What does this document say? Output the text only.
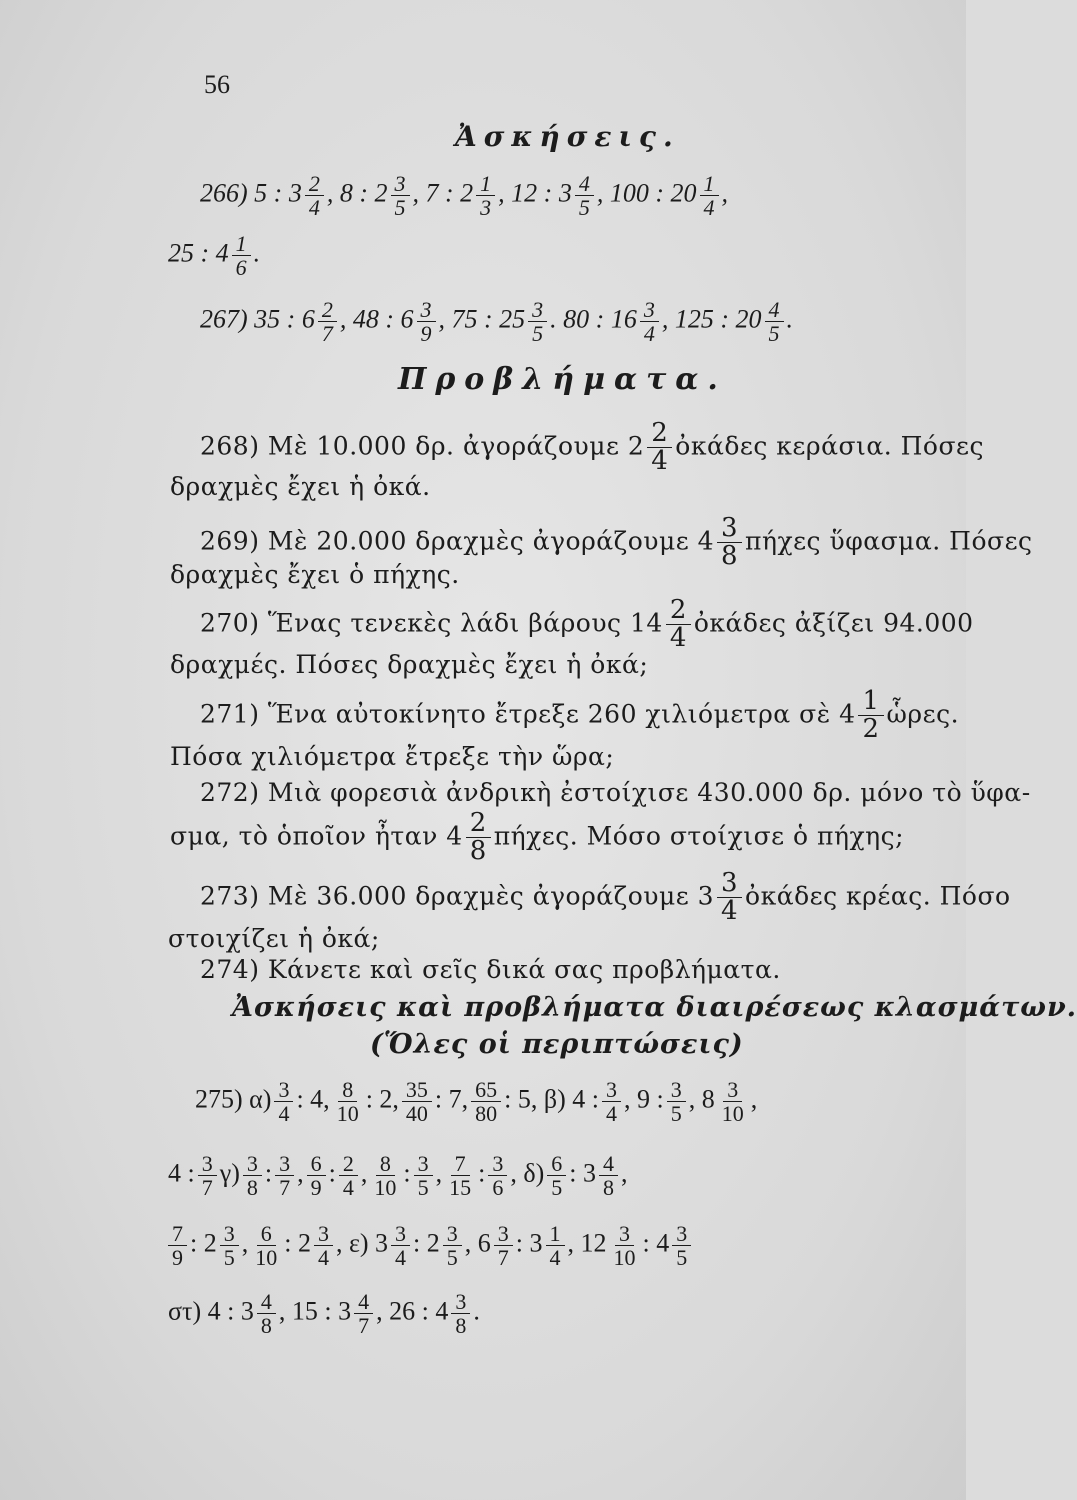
56
Ἀσκήσεις.
266) 5 : $3 \frac{2}{4}$ , 8 : $2 \frac{3}{5}$ , 7 : $2 \frac{1}{3}$ , 12 : $3 \frac{4}{5}$ , 100 : $20 \frac{1}{4}$ ,
25 : $4 \frac{1}{6}$ .
267) 35 : $6 \frac{2}{7}$ , 48 : $6 \frac{3}{9}$ , 75 : $25 \frac{3}{5}$ . 80 : $16 \frac{3}{4}$ , 125 : $20 \frac{4}{5}$ .
Προβλήματα.
268) Μὲ 10.000 δρ. ἀγοράζουμε $2 \frac{2}{4}$ ὀκάδες κεράσια. Πόσες
δραχμὲς ἔχει ἡ ὀκά.
269) Μὲ 20.000 δραχμὲς ἀγοράζουμε $4 \frac{3}{8}$ πήχες ὕφασμα. Πόσες
δραχμὲς ἔχει ὁ πήχης.
270) Ἕνας τενεκὲς λάδι βάρους $14 \frac{2}{4}$ ὀκάδες ἀξίζει 94.000
δραχμές. Πόσες δραχμὲς ἔχει ἡ ὀκά;
271) Ἕνα αὐτοκίνητο ἔτρεξε 260 χιλιόμετρα σὲ $4 \frac{1}{2}$ ὧρες.
Πόσα χιλιόμετρα ἔτρεξε τὴν ὥρα;
272) Μιὰ φορεσιὰ ἀνδρικὴ ἐστοίχισε 430.000 δρ. μόνο τὸ ὕφα-
σμα, τὸ ὁποῖον ἦταν $4 \frac{2}{8} \pi ή\chi\varepsilon\varsigma$. Μόσο στοίχισε ὁ πήχης;
273) Μὲ 36.000 δραχμὲς ἀγοράζουμε $3 \frac{3}{4}$ ὀκάδες κρέας. Πόσο
στοιχίζει ἡ ὀκά;
274) Κάνετε καὶ σεῖς δικά σας προβλήματα.
Ἀσκήσεις καὶ προβλήματα διαιρέσεως κλασμάτων.
(Ὅλες οἱ περιπτώσεις)
275) $\alpha) \frac{3}{4}$ : 4, $\frac{8}{10}$ : 2, $\frac{35}{40}$ : 7, $\frac{65}{80}$ : 5, β) 4 : $\frac{3}{4}$ , 9 : $\frac{3}{5}$ , $8 \frac{3}{10}$ ,
4 : $\frac{3}{7} \gamma) \frac{3}{8}$ : $\frac{3}{7}$ , $\frac{6}{9}$ : $\frac{2}{4}$ , $\frac{8}{10}$ : $\frac{3}{5}$ , $\frac{7}{15}$ : $\frac{3}{6}$ , $\delta) \frac{6}{5}$ : $3 \frac{4}{8}$ ,
$\frac{7}{9}$ : $2 \frac{3}{5}$ , $\frac{6}{10}$ : $2 \frac{3}{4}$ , ε) $3 \frac{3}{4}$ : $2 \frac{3}{5}$ , $6 \frac{3}{7}$ : $3 \frac{1}{4}$ , $12 \frac{3}{10}$ : $4 \frac{3}{5}$
στ) 4 : $3 \frac{4}{8}$ , 15 : $3 \frac{4}{7}$ , 26 : $4 \frac{3}{8}$ .
